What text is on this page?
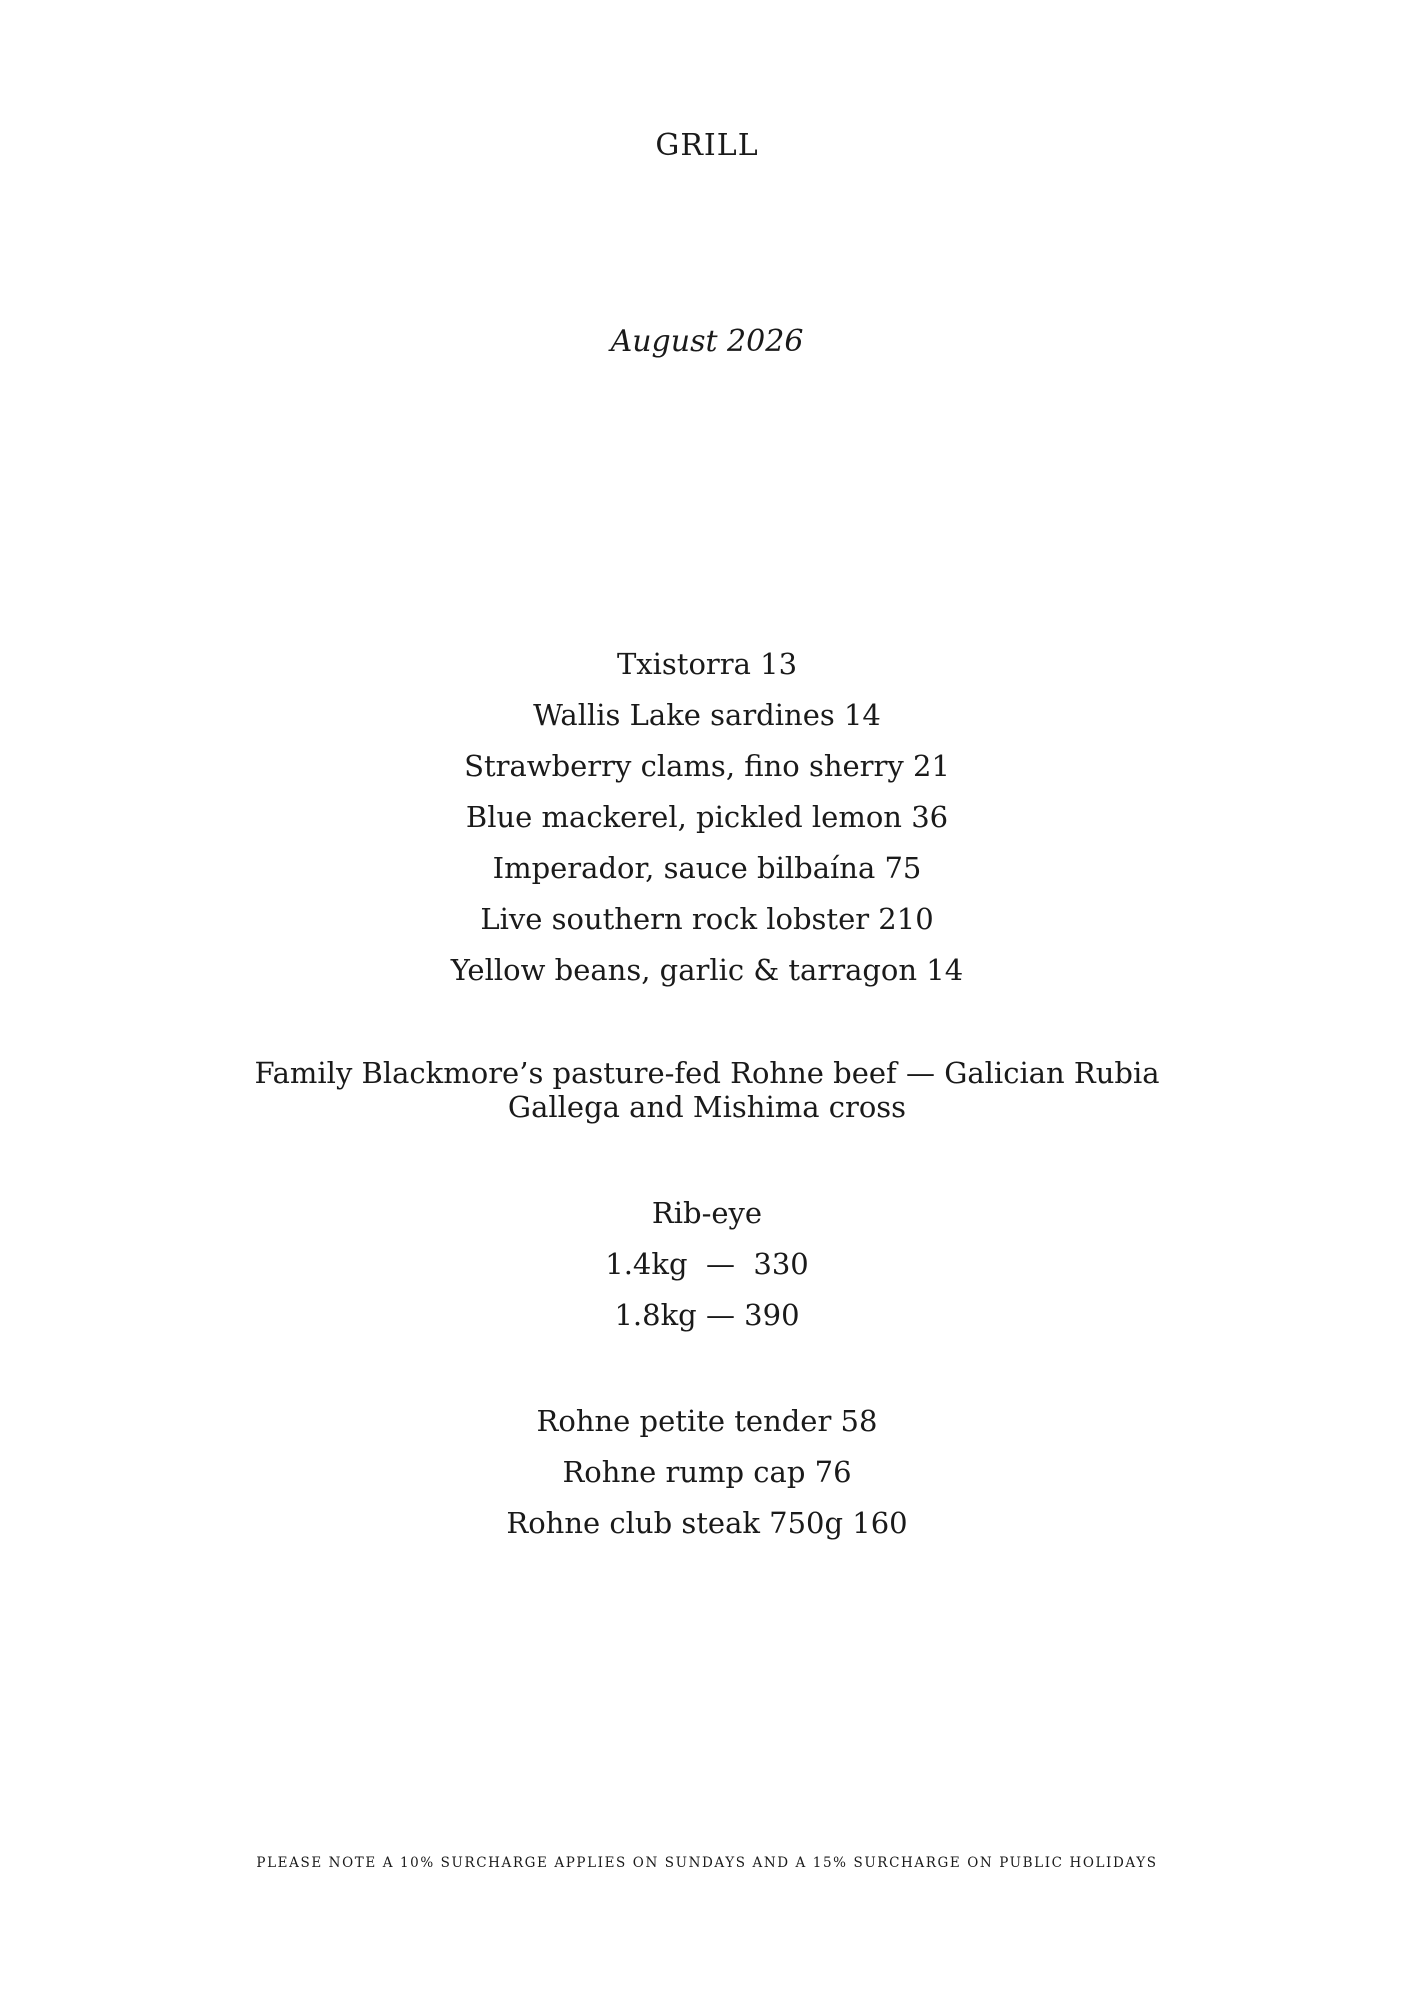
GRILL
August 2026
Txistorra 13
Wallis Lake sardines 14
Strawberry clams, fino sherry 21
Blue mackerel, pickled lemon 36
Imperador, sauce bilbaína 75
Live southern rock lobster 210
Yellow beans, garlic & tarragon 14
Family Blackmore’s pasture-fed Rohne beef — Galician Rubia Gallega and Mishima cross
Rib-eye
1.4kg  —  330
1.8kg — 390
Rohne petite tender 58
Rohne rump cap 76
Rohne club steak 750g 160
PLEASE NOTE A 10% SURCHARGE APPLIES ON SUNDAYS AND A 15% SURCHARGE ON PUBLIC HOLIDAYS
